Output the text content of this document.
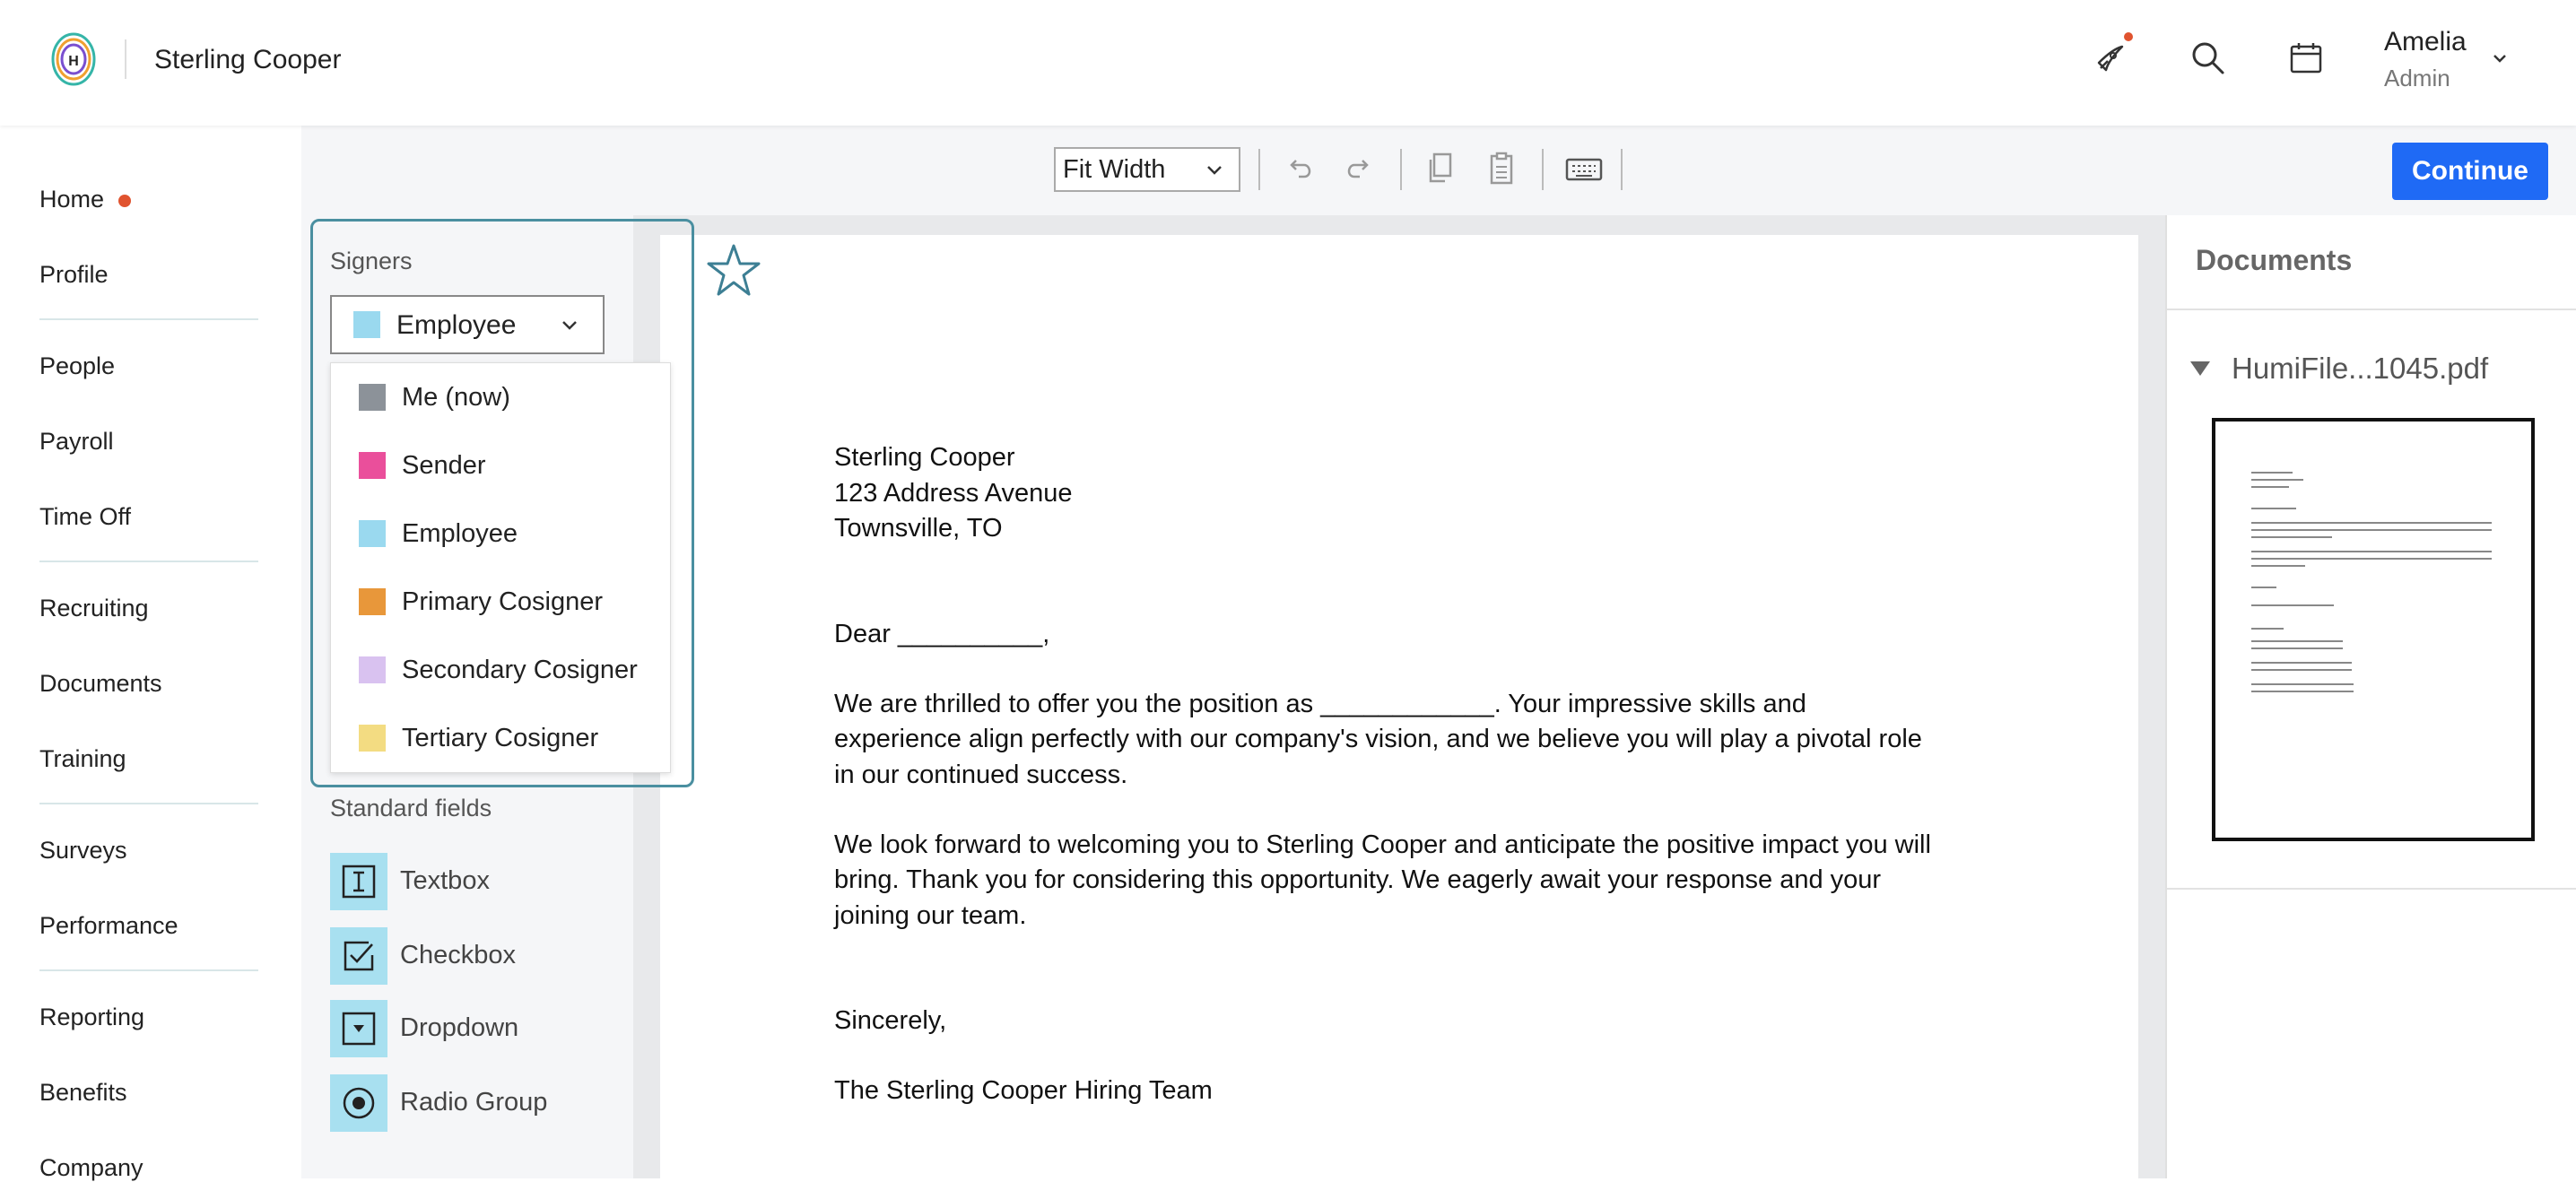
H	Sterling Cooper
Amelia
Admin
Home
Profile
People
Payroll
Time Off
Recruiting
Documents
Training
Surveys
Performance
Reporting
Benefits
Company
Fit Width	Continue
Signers
Employee
Me (now)
Sender
Employee
Primary Cosigner
Secondary Cosigner
Tertiary Cosigner
Standard fields
Textbox
Checkbox
Dropdown
Radio Group
Sterling Cooper
123 Address Avenue
Townsville, TO
Dear __________,
We are thrilled to offer you the position as ____________. Your impressive skills and
experience align perfectly with our company's vision, and we believe you will play a pivotal role
in our continued success.
We look forward to welcoming you to Sterling Cooper and anticipate the positive impact you will
bring. Thank you for considering this opportunity. We eagerly await your response and your
joining our team.
Sincerely,
The Sterling Cooper Hiring Team
Documents
HumiFile...1045.pdf
